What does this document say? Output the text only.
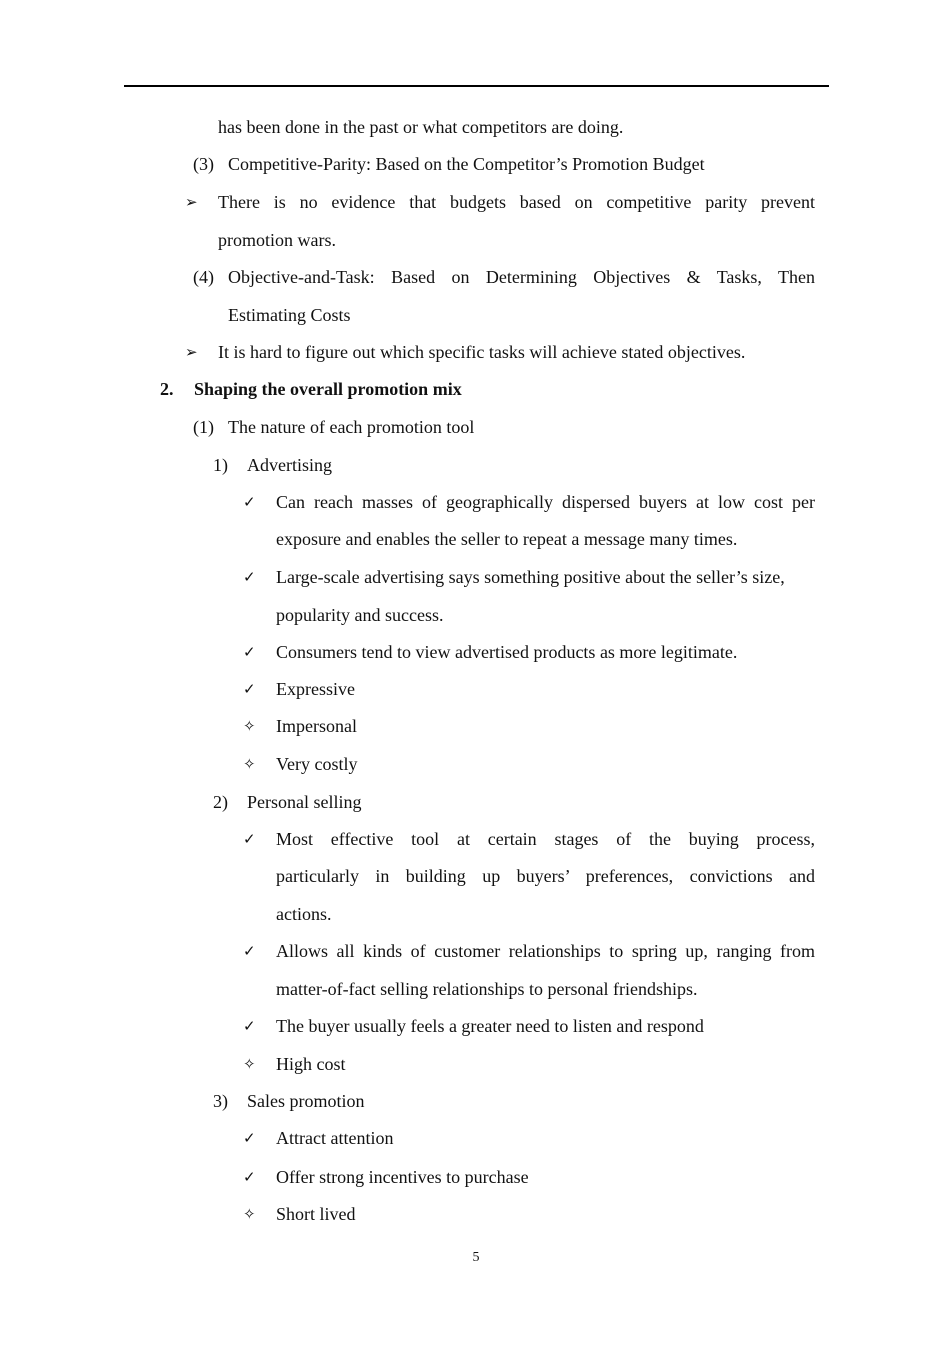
has been done in the past or what competitors are doing.
(3) Competitive-Parity: Based on the Competitor’s Promotion Budget
➢ There is no evidence that budgets based on competitive parity prevent
promotion wars.
(4) Objective-and-Task: Based on Determining Objectives & Tasks, Then
Estimating Costs
➢ It is hard to figure out which specific tasks will achieve stated objectives.
2. Shaping the overall promotion mix
(1) The nature of each promotion tool
1) Advertising
✓ Can reach masses of geographically dispersed buyers at low cost per
exposure and enables the seller to repeat a message many times.
✓ Large-scale advertising says something positive about the seller’s size,
popularity and success.
✓ Consumers tend to view advertised products as more legitimate.
✓ Expressive
✧ Impersonal
✧ Very costly
2) Personal selling
✓ Most effective tool at certain stages of the buying process,
particularly in building up buyers’ preferences, convictions and
actions.
✓ Allows all kinds of customer relationships to spring up, ranging from
matter-of-fact selling relationships to personal friendships.
✓ The buyer usually feels a greater need to listen and respond
✧ High cost
3) Sales promotion
✓ Attract attention
✓ Offer strong incentives to purchase
✧ Short lived
5
